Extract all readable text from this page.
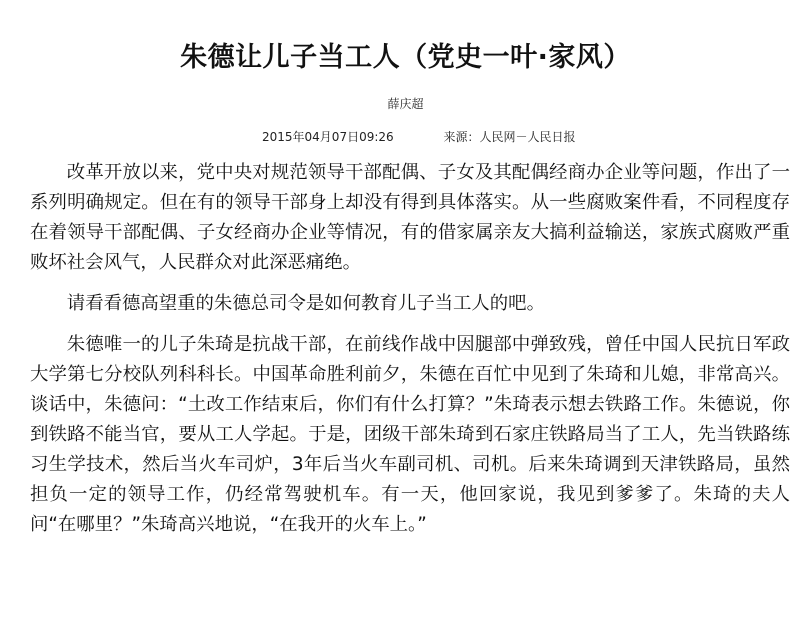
朱德让儿子当工人（党史一叶·家风）
薛庆超
2015年04月07日09:26	来源：人民网－人民日报

改革开放以来，党中央对规范领导干部配偶、子女及其配偶经商办企业等问题，作出了一系列明确规定。但在有的领导干部身上却没有得到具体落实。从一些腐败案件看，不同程度存在着领导干部配偶、子女经商办企业等情况，有的借家属亲友大搞利益输送，家族式腐败严重败坏社会风气，人民群众对此深恶痛绝。

请看看德高望重的朱德总司令是如何教育儿子当工人的吧。

朱德唯一的儿子朱琦是抗战干部，在前线作战中因腿部中弹致残，曾任中国人民抗日军政大学第七分校队列科科长。中国革命胜利前夕，朱德在百忙中见到了朱琦和儿媳，非常高兴。谈话中，朱德问：“土改工作结束后，你们有什么打算？”朱琦表示想去铁路工作。朱德说，你到铁路不能当官，要从工人学起。于是，团级干部朱琦到石家庄铁路局当了工人，先当铁路练习生学技术，然后当火车司炉，3年后当火车副司机、司机。后来朱琦调到天津铁路局，虽然担负一定的领导工作，仍经常驾驶机车。有一天，他回家说，我见到爹爹了。朱琦的夫人问“在哪里？”朱琦高兴地说，“在我开的火车上。”
